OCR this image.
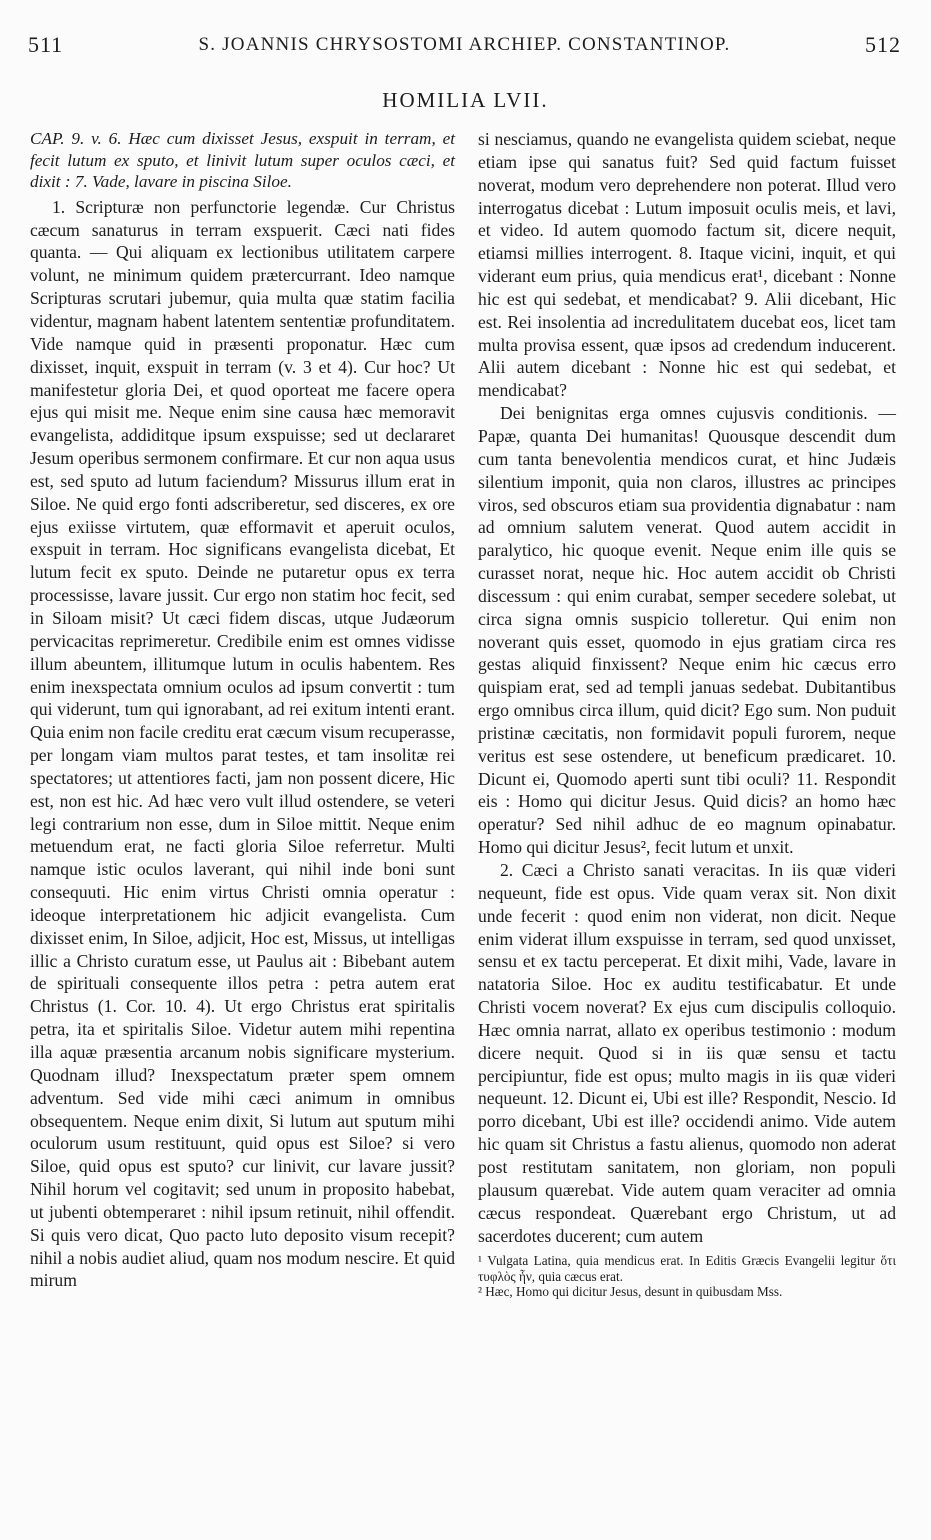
511	S. JOANNIS CHRYSOSTOMI ARCHIEP. CONSTANTINOP.	512
HOMILIA LVII.

CAP. 9. v. 6. Hæc cum dixisset Jesus, exspuit in terram, et fecit lutum ex sputo, et linivit lutum super oculos cæci, et dixit : 7. Vade, lavare in piscina Siloe.

1. Scripturæ non perfunctorie legendæ. Cur Christus cæcum sanaturus in terram exspuerit. Cæci nati fides quanta. — Qui aliquam ex lectionibus utilitatem carpere volunt, ne minimum quidem prætercurrant. Ideo namque Scripturas scrutari jubemur, quia multa quæ statim facilia videntur, magnam habent latentem sententiæ profunditatem. Vide namque quid in præsenti proponatur. Hæc cum dixisset, inquit, exspuit in terram (v. 3 et 4). Cur hoc? Ut manifestetur gloria Dei, et quod oporteat me facere opera ejus qui misit me. Neque enim sine causa hæc memoravit evangelista, addiditque ipsum exspuisse; sed ut declararet Jesum operibus sermonem confirmare. Et cur non aqua usus est, sed sputo ad lutum faciendum? Missurus illum erat in Siloe. Ne quid ergo fonti adscriberetur, sed disceres, ex ore ejus exiisse virtutem, quæ efformavit et aperuit oculos, exspuit in terram. Hoc significans evangelista dicebat, Et lutum fecit ex sputo. Deinde ne putaretur opus ex terra processisse, lavare jussit. Cur ergo non statim hoc fecit, sed in Siloam misit? Ut cæci fidem discas, utque Judæorum pervicacitas reprimeretur. Credibile enim est omnes vidisse illum abeuntem, illitumque lutum in oculis habentem. Res enim inexspectata omnium oculos ad ipsum convertit : tum qui viderunt, tum qui ignorabant, ad rei exitum intenti erant. Quia enim non facile creditu erat cæcum visum recuperasse, per longam viam multos parat testes, et tam insolitæ rei spectatores; ut attentiores facti, jam non possent dicere, Hic est, non est hic. Ad hæc vero vult illud ostendere, se veteri legi contrarium non esse, dum in Siloe mittit. Neque enim metuendum erat, ne facti gloria Siloe referretur. Multi namque istic oculos laverant, qui nihil inde boni sunt consequuti. Hic enim virtus Christi omnia operatur : ideoque interpretationem hic adjicit evangelista. Cum dixisset enim, In Siloe, adjicit, Hoc est, Missus, ut intelligas illic a Christo curatum esse, ut Paulus ait : Bibebant autem de spirituali consequente illos petra : petra autem erat Christus (1. Cor. 10. 4). Ut ergo Christus erat spiritalis petra, ita et spiritalis Siloe. Videtur autem mihi repentina illa aquæ præsentia arcanum nobis significare mysterium. Quodnam illud? Inexspectatum præter spem omnem adventum. Sed vide mihi cæci animum in omnibus obsequentem. Neque enim dixit, Si lutum aut sputum mihi oculorum usum restituunt, quid opus est Siloe? si vero Siloe, quid opus est sputo? cur linivit, cur lavare jussit? Nihil horum vel cogitavit; sed unum in proposito habebat, ut jubenti obtemperaret : nihil ipsum retinuit, nihil offendit. Si quis vero dicat, Quo pacto luto deposito visum recepit? nihil a nobis audiet aliud, quam nos modum nescire. Et quid mirum

si nesciamus, quando ne evangelista quidem sciebat, neque etiam ipse qui sanatus fuit? Sed quid factum fuisset noverat, modum vero deprehendere non poterat. Illud vero interrogatus dicebat : Lutum imposuit oculis meis, et lavi, et video. Id autem quomodo factum sit, dicere nequit, etiamsi millies interrogent. 8. Itaque vicini, inquit, et qui viderant eum prius, quia mendicus erat¹, dicebant : Nonne hic est qui sedebat, et mendicabat? 9. Alii dicebant, Hic est. Rei insolentia ad incredulitatem ducebat eos, licet tam multa provisa essent, quæ ipsos ad credendum inducerent. Alii autem dicebant : Nonne hic est qui sedebat, et mendicabat?

Dei benignitas erga omnes cujusvis conditionis. — Papæ, quanta Dei humanitas! Quousque descendit dum cum tanta benevolentia mendicos curat, et hinc Judæis silentium imponit, quia non claros, illustres ac principes viros, sed obscuros etiam sua providentia dignabatur : nam ad omnium salutem venerat. Quod autem accidit in paralytico, hic quoque evenit. Neque enim ille quis se curasset norat, neque hic. Hoc autem accidit ob Christi discessum : qui enim curabat, semper secedere solebat, ut circa signa omnis suspicio tolleretur. Qui enim non noverant quis esset, quomodo in ejus gratiam circa res gestas aliquid finxissent? Neque enim hic cæcus erro quispiam erat, sed ad templi januas sedebat. Dubitantibus ergo omnibus circa illum, quid dicit? Ego sum. Non puduit pristinæ cæcitatis, non formidavit populi furorem, neque veritus est sese ostendere, ut beneficum prædicaret. 10. Dicunt ei, Quomodo aperti sunt tibi oculi? 11. Respondit eis : Homo qui dicitur Jesus. Quid dicis? an homo hæc operatur? Sed nihil adhuc de eo magnum opinabatur. Homo qui dicitur Jesus², fecit lutum et unxit.

2. Cæci a Christo sanati veracitas. In iis quæ videri nequeunt, fide est opus. Vide quam verax sit. Non dixit unde fecerit : quod enim non viderat, non dicit. Neque enim viderat illum exspuisse in terram, sed quod unxisset, sensu et ex tactu perceperat. Et dixit mihi, Vade, lavare in natatoria Siloe. Hoc ex auditu testificabatur. Et unde Christi vocem noverat? Ex ejus cum discipulis colloquio. Hæc omnia narrat, allato ex operibus testimonio : modum dicere nequit. Quod si in iis quæ sensu et tactu percipiuntur, fide est opus; multo magis in iis quæ videri nequeunt. 12. Dicunt ei, Ubi est ille? Respondit, Nescio. Id porro dicebant, Ubi est ille? occidendi animo. Vide autem hic quam sit Christus a fastu alienus, quomodo non aderat post restitutam sanitatem, non gloriam, non populi plausum quærebat. Vide autem quam veraciter ad omnia cæcus respondeat. Quærebant ergo Christum, ut ad sacerdotes ducerent; cum autem

¹ Vulgata Latina, quia mendicus erat. In Editis Græcis Evangelii legitur ὅτι τυφλὸς ἦν, quia cæcus erat.

² Hæc, Homo qui dicitur Jesus, desunt in quibusdam Mss.
